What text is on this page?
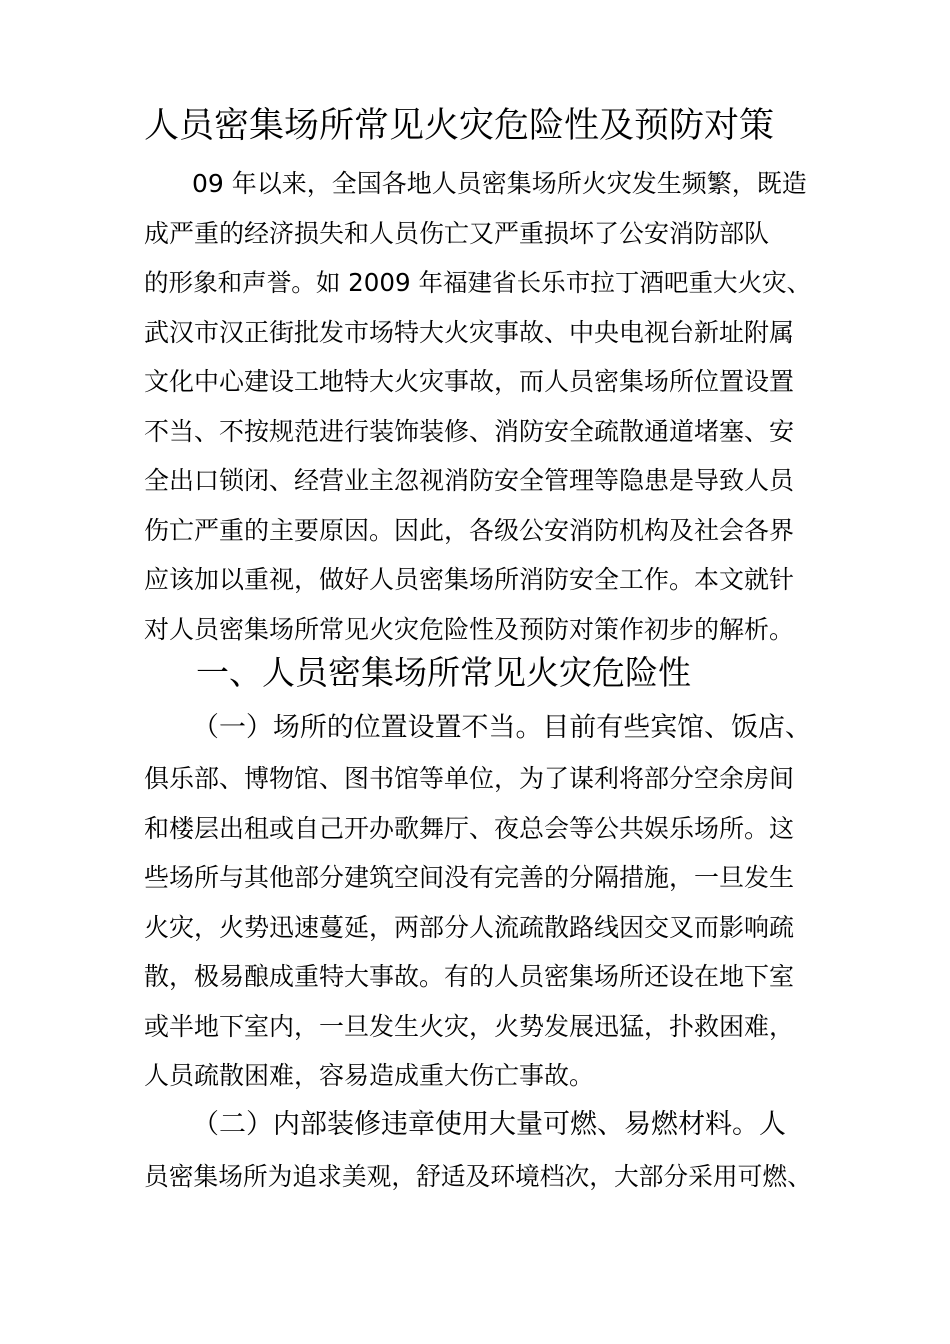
人员密集场所常见火灾危险性及预防对策
09 年以来，全国各地人员密集场所火灾发生频繁，既造
成严重的经济损失和人员伤亡又严重损坏了公安消防部队
的形象和声誉。如 2009 年福建省长乐市拉丁酒吧重大火灾、
武汉市汉正街批发市场特大火灾事故、中央电视台新址附属
文化中心建设工地特大火灾事故，而人员密集场所位置设置
不当、不按规范进行装饰装修、消防安全疏散通道堵塞、安
全出口锁闭、经营业主忽视消防安全管理等隐患是导致人员
伤亡严重的主要原因。因此，各级公安消防机构及社会各界
应该加以重视，做好人员密集场所消防安全工作。本文就针
对人员密集场所常见火灾危险性及预防对策作初步的解析。
一、人员密集场所常见火灾危险性
（一）场所的位置设置不当。目前有些宾馆、饭店、
俱乐部、博物馆、图书馆等单位，为了谋利将部分空余房间
和楼层出租或自己开办歌舞厅、夜总会等公共娱乐场所。这
些场所与其他部分建筑空间没有完善的分隔措施，一旦发生
火灾，火势迅速蔓延，两部分人流疏散路线因交叉而影响疏
散，极易酿成重特大事故。有的人员密集场所还设在地下室
或半地下室内，一旦发生火灾，火势发展迅猛，扑救困难，
人员疏散困难，容易造成重大伤亡事故。
（二）内部装修违章使用大量可燃、易燃材料。人
员密集场所为追求美观，舒适及环境档次，大部分采用可燃、
